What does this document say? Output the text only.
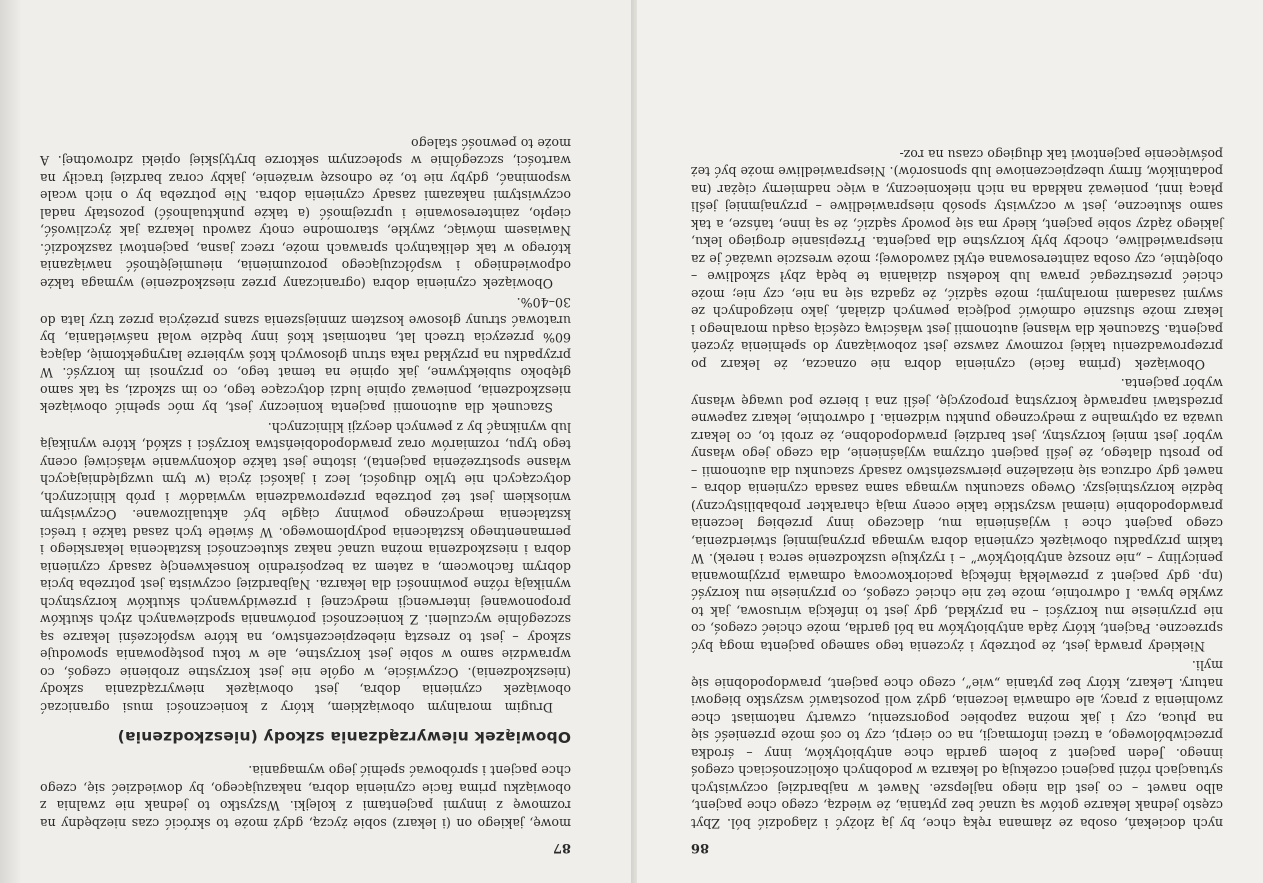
86

nych dociekań, osoba ze złamana ręką chce, by ją złożyć i zlagodzić ból. Zbyt często jednak lekarze gotów są uznać bez pytania, że wiedzą, czego chce pacjent, albo nawet – co jest dla niego najlepsze. Nawet w najbardziej oczywistych sytuacjach różni pacjenci oczekują od lekarza w podobnych okolicznościach czegoś innego. Jeden pacjent z bolem gardła chce antybiotyków, inny – środka przeciwbólowego, a trzeci informacji, na co cierpi, czy to coś może przenieść się na płuca, czy i jak można zapobiec pogorszeniu, czwarty natomiast chce zwolnienia z pracy, ale odmawia leczenia, gdyż woli pozostawić wszystko biegowi natury. Lekarz, który bez pytania „wie”, czego chce pacjent, prawdopodobnie się myli.

Niekiedy prawdą jest, że potrzeby i życzenia tego samego pacjenta mogą być sprzeczne. Pacjent, który żąda antybiotyków na ból gardła, może chcieć czegoś, co nie przyniesie mu korzyści – na przykład, gdy jest to infekcja wirusowa, jak to zwykle bywa. I odwrotnie, może też nie chcieć czegoś, co przyniesie mu korzyść (np. gdy pacjent z przewlekłą infekcją paciorkowcową odmawia przyjmowania penicyliny – „nie znoszę antybiotyków” – i ryzykuje uszkodzenie serca i nerek). W takim przypadku obowiązek czynienia dobra wymaga przynajmniej stwierdzenia, czego pacjent chce i wyjaśnienia mu, dlaczego inny przebieg leczenia prawdopodobnie (niemal wszystkie takie oceny mają charakter probabilistyczny) będzie korzystniejszy. Owego szacunku wymaga sama zasada czynienia dobra – nawet gdy odrzuca się niezależne pierwszeństwo zasady szacunku dla autonomii – po prostu dlatego, że jeśli pacjent otrzyma wyjaśnienie, dla czego jego własny wybór jest mniej korzystny, jest bardziej prawdopodobne, że zrobi to, co lekarz uważa za optymalne z medycznego punktu widzenia. I odwrotnie, lekarz zapewne przedstawi naprawdę korzystną propozycję, jeśli zna i bierze pod uwagę własny wybór pacjenta.

Obowiązek (prima facie) czynienia dobra nie oznacza, że lekarz po przeprowadzeniu takiej rozmowy zawsze jest zobowiązany do spełnienia życzeń pacjenta. Szacunek dla własnej autonomii jest właściwą częścią osądu moralnego i lekarz może słusznie odmówić podjęcia pewnych działań, jako niezgodnych ze swymi zasadami moralnymi; może sądzić, że zgadza się na nie, czy nie; może chcieć przestrzegać prawa lub kodeksu działania te będą zbył szkodliwe – obojętnie, czy osoba zainteresowana etyki zawodowej; może wreszcie uważać je za niesprawiedliwe, chocby były korzystne dla pacjenta. Przepisanie drogiego leku, jakiego żądzy sobie pacjent, kiedy ma się powody sądzić, że są inne, tańsze, a tak samo skuteczne, jest w oczywisty sposób niesprawiedliwe – przynajmniej jeśli płacą inni, ponieważ nakłada na nich niekonieczny, a więc nadmierny ciężar (na podatników, firmy ubezpieczeniowe lub sponsorów). Niesprawiedliwe może być też poświęcenie pacjentowi tak długiego czasu na roz-

87

mowę, jakiego on (i lekarz) sobie życzą, gdyż może to skrócić czas niezbędny na rozmowę z innymi pacjentami z kolejki. Wszystko to jednak nie zwalnia z obowiązku prima facie czynienia dobra, nakazującego, by dowiedzieć się, czego chce pacjent i spróbować spełnić jego wymagania.

Obowiązek niewyrządzania szkody (nieszkodzenia)

Drugim moralnym obowiązkiem, który z konieczności musi ograniczać obowiązek czynienia dobra, jest obowiązek niewyrządzania szkody (nieszkodzenia). Oczywiście, w ogóle nie jest korzystne zrobienie czegoś, co wprawdzie samo w sobie jest korzystne, ale w toku postępowania spowoduje szkody – jest to zresztą niebezpieczeństwo, na które współcześni lekarze są szczególnie wyczuleni. Z konieczności porównania spodziewanych złych skutków proponowanej interwencji medycznej i przewidywanych skutków korzystnych wynikają różne powinności dla lekarza. Najbardziej oczywista jest potrzeba bycia dobrym fachowcem, a zatem za bezpośrednio konsekwencję zasady czynienia dobra i nieszkodzenia można uznać nakaz skuteczności kształcenia lekarskiego i permanentnego kształcenia podyplomowego. W świetle tych zasad także i treści kształcenia medycznego powinny ciągle być aktualizowane. Oczywistym wnioskiem jest też potrzeba przeprowadzenia wywiadów i prób klinicznych, dotyczących nie tylko długości, lecz i jakości życia (w tym uwzględniających własne spostrzeżenia pacjenta), istotne jest także dokonywanie właściwej oceny tego typu, rozmiarów oraz prawdopodobieństwa korzyści i szkód, które wynikają lub wyniknąć by z pewnych decyzji klinicznych.

Szacunek dla autonomii pacjenta konieczny jest, by móc spełnić obowiązek nieszkodzenia, ponieważ opinie ludzi dotyczące tego, co im szkodzi, są tak samo głęboko subiektywne, jak opinie na temat tego, co przynosi im korzyść. W przypadku na przykład raka strun głosowych ktoś wybierze laryngektomię, dającą 60% przezycia trzech lat, natomiast ktoś inny będzie wolał naświetlania, by uratować struny głosowe kosztem zmniejszenia szans przeżycia przez trzy lata do 30–40%.

Obowiązek czynienia dobra (ograniczany przez nieszkodzenie) wymaga także odpowiedniego i współczującego porozumienia, nieumiejętność nawiązania którego w tak delikatnych sprawach może, rzecz jasna, pacjentowi zaszkodzić. Nawiasem mówiąc, zwykłe, staromodne cnoty zawodu lekarza jak życzliwość, ciepło, zainteresowanie i uprzejmość (a także punktualność) pozostały nadal oczywistymi nakazami zasady czynienia dobra. Nie potrzeba by o nich wcale wspominać, gdyby nie to, że odnoszę wrażenie, jakby coraz bardziej traciły na wartości, szczególnie w społecznym sektorze brytyjskiej opieki zdrowotnej. A może to pewność stalego
